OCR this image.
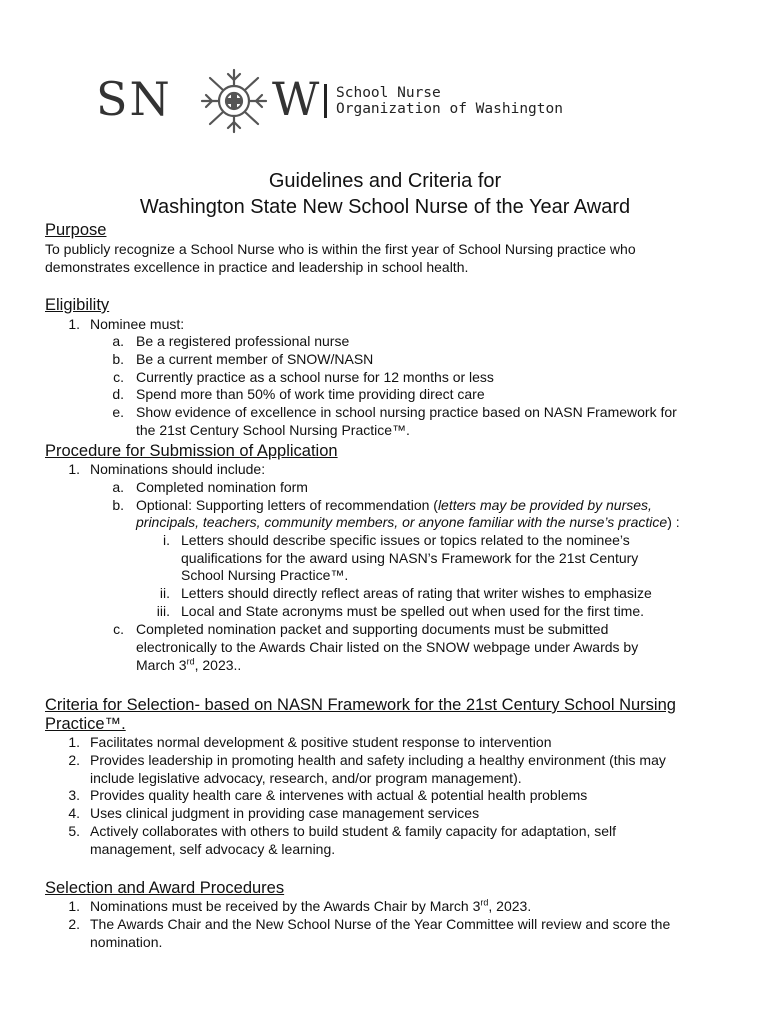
SN W School Nurse
Organization of Washington
Guidelines and Criteria for
Washington State New School Nurse of the Year Award
Purpose
To publicly recognize a School Nurse who is within the first year of School Nursing practice who
demonstrates excellence in practice and leadership in school health.
Eligibility
1. Nominee must:
a. Be a registered professional nurse
b. Be a current member of SNOW/NASN
c. Currently practice as a school nurse for 12 months or less
d. Spend more than 50% of work time providing direct care
e. Show evidence of excellence in school nursing practice based on NASN Framework for
the 21st Century School Nursing Practice™.
Procedure for Submission of Application
1. Nominations should include:
a. Completed nomination form
b. Optional: Supporting letters of recommendation (letters may be provided by nurses,
principals, teachers, community members, or anyone familiar with the nurse’s practice) :
i. Letters should describe specific issues or topics related to the nominee’s
qualifications for the award using NASN’s Framework for the 21st Century
School Nursing Practice™.
ii. Letters should directly reflect areas of rating that writer wishes to emphasize
iii. Local and State acronyms must be spelled out when used for the first time.
c. Completed nomination packet and supporting documents must be submitted
electronically to the Awards Chair listed on the SNOW webpage under Awards by
March 3rd, 2023..
Criteria for Selection- based on NASN Framework for the 21st Century School Nursing
Practice™.
1. Facilitates normal development & positive student response to intervention
2. Provides leadership in promoting health and safety including a healthy environment (this may
include legislative advocacy, research, and/or program management).
3. Provides quality health care & intervenes with actual & potential health problems
4. Uses clinical judgment in providing case management services
5. Actively collaborates with others to build student & family capacity for adaptation, self
management, self advocacy & learning.
Selection and Award Procedures
1. Nominations must be received by the Awards Chair by March 3rd, 2023.
2. The Awards Chair and the New School Nurse of the Year Committee will review and score the
nomination.
